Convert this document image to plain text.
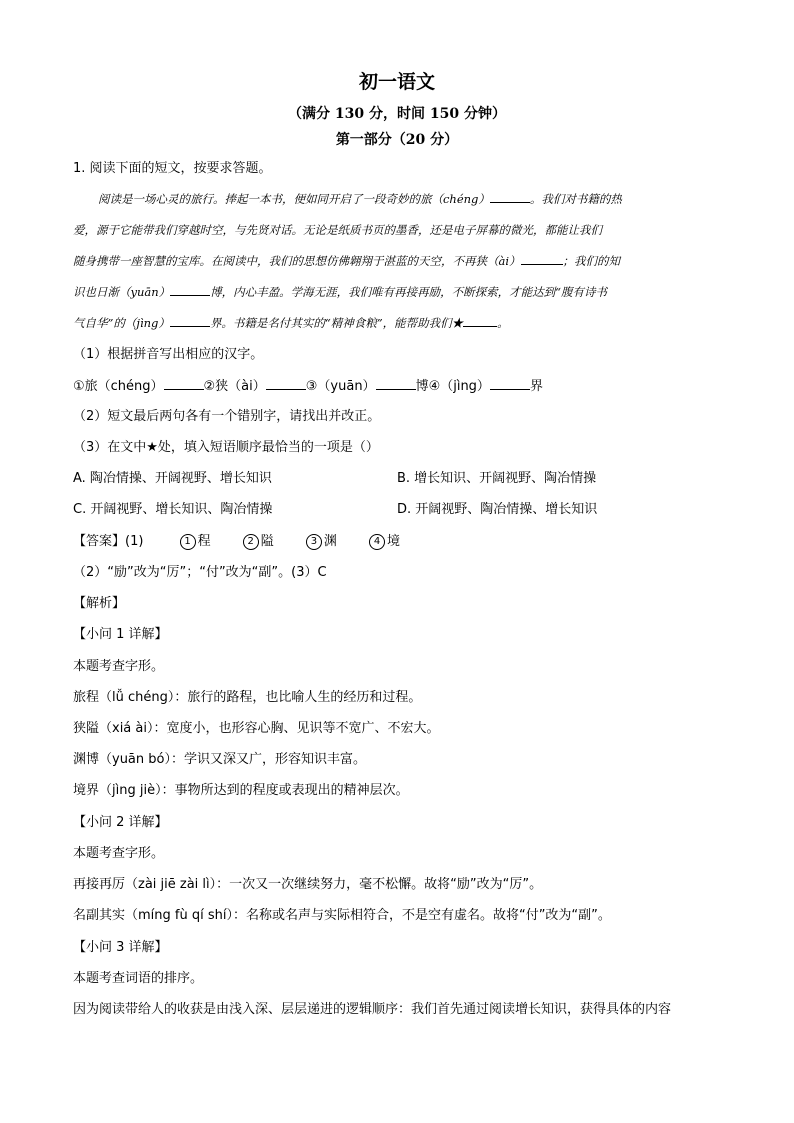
初一语文
（满分 130 分，时间 150 分钟）
第一部分（20 分）
1. 阅读下面的短文，按要求答题。
阅读是一场心灵的旅行。捧起一本书，便如同开启了一段奇妙的旅（chéng）	。我们对书籍的热
爱，源于它能带我们穿越时空，与先贤对话。无论是纸质书页的墨香，还是电子屏幕的微光，都能让我们
随身携带一座智慧的宝库。在阅读中，我们的思想仿佛翱翔于湛蓝的天空，不再狭（ài）	；我们的知
识也日渐（yuān）	博，内心丰盈。学海无涯，我们唯有再接再励，不断探索，才能达到“腹有诗书
气自华”的（jìng）	界。书籍是名付其实的“精神食粮”，能帮助我们★	。
（1）根据拼音写出相应的汉字。
①旅（chéng）	②狭（ài）	③（yuān）	博④（jìng）	界
（2）短文最后两句各有一个错别字，请找出并改正。
（3）在文中★处，填入短语顺序最恰当的一项是（）
A. 陶冶情操、开阔视野、增长知识	B. 增长知识、开阔视野、陶冶情操
C. 开阔视野、增长知识、陶冶情操	D. 开阔视野、陶冶情操、增长知识
【答案】(1)	1 程	2 隘	3 渊	4 境
（2）“励”改为“厉”；“付”改为“副”。(3）C
【解析】
【小问 1 详解】
本题考查字形。
旅程（lǚ chéng）：旅行的路程，也比喻人生的经历和过程。
狭隘（xiá ài）：宽度小，也形容心胸、见识等不宽广、不宏大。
渊博（yuān bó）：学识又深又广，形容知识丰富。
境界（jìng jiè）：事物所达到的程度或表现出的精神层次。
【小问 2 详解】
本题考查字形。
再接再厉（zài jiē zài lì）：一次又一次继续努力，毫不松懈。故将“励”改为“厉”。
名副其实（míng fù qí shí）：名称或名声与实际相符合，不是空有虚名。故将“付”改为“副”。
【小问 3 详解】
本题考查词语的排序。
因为阅读带给人的收获是由浅入深、层层递进的逻辑顺序：我们首先通过阅读增长知识，获得具体的内容
